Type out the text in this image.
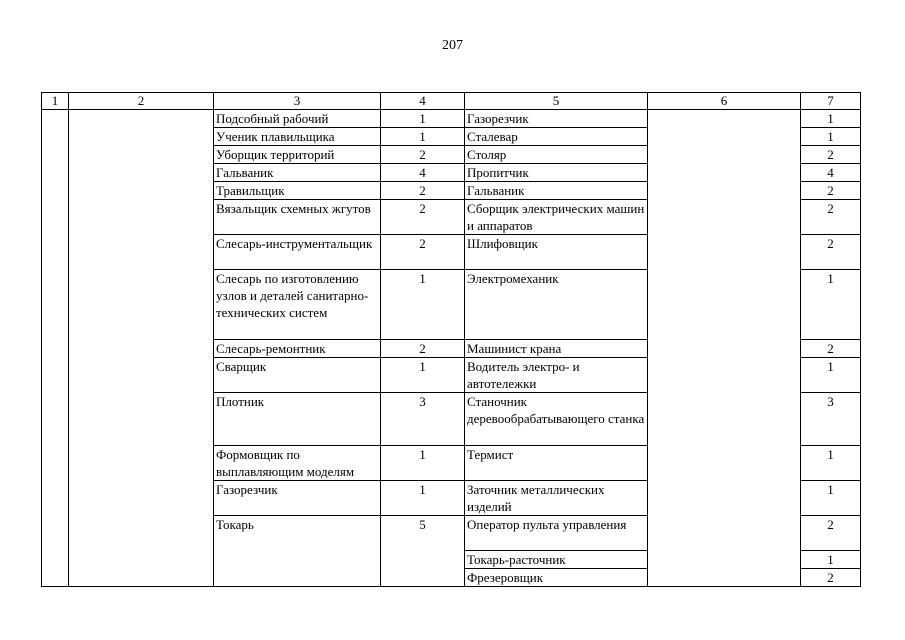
207
1	2	3	4	5	6	7
		Подсобный рабочий	1	Газорезчик		1
		Ученик плавильщика	1	Сталевар		1
		Уборщик территорий	2	Столяр		2
		Гальваник	4	Пропитчик		4
		Травильщик	2	Гальваник		2
		Вязальщик схемных жгутов	2	Сборщик электрических машин и аппаратов		2
		Слесарь-инструментальщик	2	Шлифовщик		2
		Слесарь по изготовлению узлов и деталей санитарно-технических систем	1	Электромеханик		1
		Слесарь-ремонтник	2	Машинист крана		2
		Сварщик	1	Водитель электро- и автотележки		1
		Плотник	3	Станочник деревообрабатывающего станка		3
		Формовщик по выплавляющим моделям	1	Термист		1
		Газорезчик	1	Заточник металлических изделий		1
		Токарь	5	Оператор пульта управления		2
				Токарь-расточник		1
				Фрезеровщик		2
